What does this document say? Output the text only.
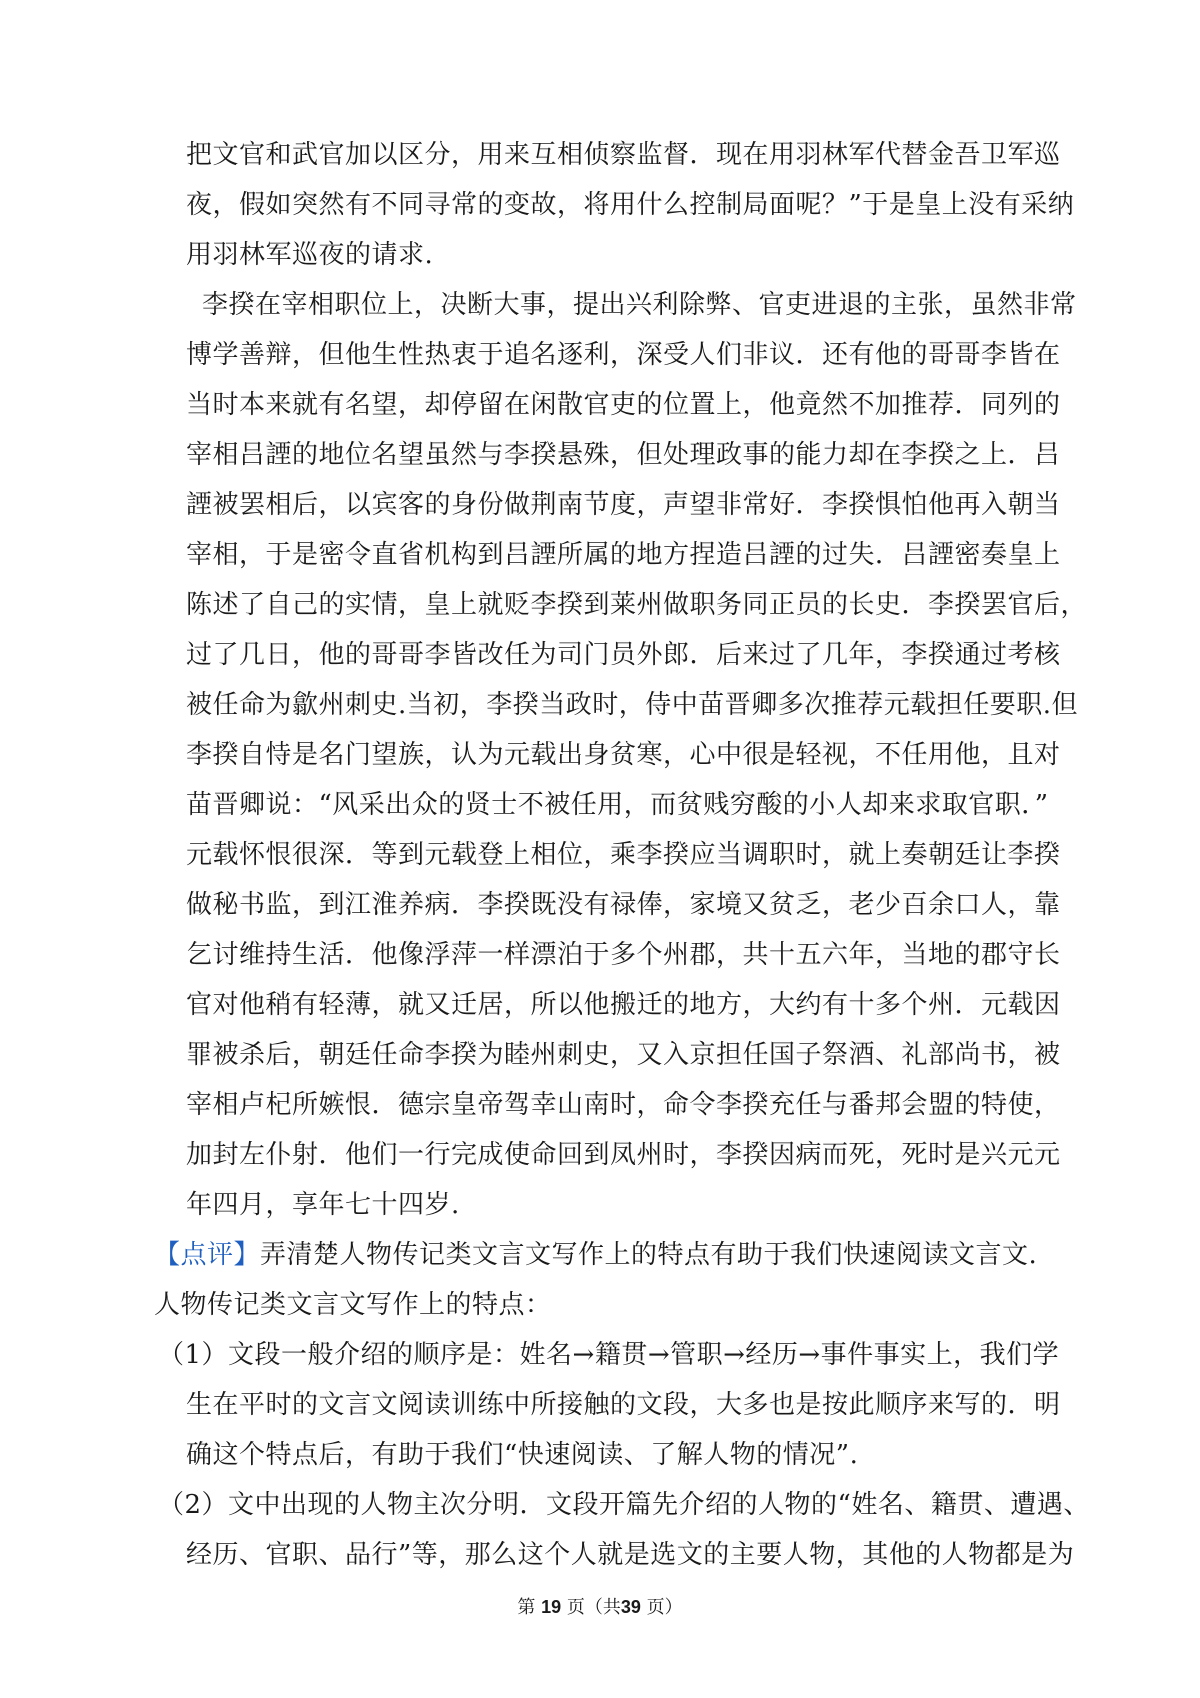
把文官和武官加以区分，用来互相侦察监督．现在用羽林军代替金吾卫军巡
夜，假如突然有不同寻常的变故，将用什么控制局面呢？”于是皇上没有采纳
用羽林军巡夜的请求.
李揆在宰相职位上，决断大事，提出兴利除弊、官吏进退的主张，虽然非常
博学善辩，但他生性热衷于追名逐利，深受人们非议．还有他的哥哥李皆在
当时本来就有名望，却停留在闲散官吏的位置上，他竟然不加推荐．同列的
宰相吕諲的地位名望虽然与李揆悬殊，但处理政事的能力却在李揆之上．吕
諲被罢相后，以宾客的身份做荆南节度，声望非常好．李揆惧怕他再入朝当
宰相，于是密令直省机构到吕諲所属的地方捏造吕諲的过失．吕諲密奏皇上
陈述了自己的实情，皇上就贬李揆到莱州做职务同正员的长史．李揆罢官后，
过了几日，他的哥哥李皆改任为司门员外郎．后来过了几年，李揆通过考核
被任命为歙州刺史.当初，李揆当政时，侍中苗晋卿多次推荐元载担任要职.但
李揆自恃是名门望族，认为元载出身贫寒，心中很是轻视，不任用他，且对
苗晋卿说：“风采出众的贤士不被任用，而贫贱穷酸的小人却来求取官职．”
元载怀恨很深．等到元载登上相位，乘李揆应当调职时，就上奏朝廷让李揆
做秘书监，到江淮养病．李揆既没有禄俸，家境又贫乏，老少百余口人，靠
乞讨维持生活．他像浮萍一样漂泊于多个州郡，共十五六年，当地的郡守长
官对他稍有轻薄，就又迁居，所以他搬迁的地方，大约有十多个州．元载因
罪被杀后，朝廷任命李揆为睦州刺史，又入京担任国子祭酒、礼部尚书，被
宰相卢杞所嫉恨．德宗皇帝驾幸山南时，命令李揆充任与番邦会盟的特使，
加封左仆射．他们一行完成使命回到凤州时，李揆因病而死，死时是兴元元
年四月，享年七十四岁.
【点评】弄清楚人物传记类文言文写作上的特点有助于我们快速阅读文言文.
人物传记类文言文写作上的特点：
（1）文段一般介绍的顺序是：姓名→籍贯→管职→经历→事件事实上，我们学
生在平时的文言文阅读训练中所接触的文段，大多也是按此顺序来写的．明
确这个特点后，有助于我们“快速阅读、了解人物的情况”.
（2）文中出现的人物主次分明．文段开篇先介绍的人物的“姓名、籍贯、遭遇、
经历、官职、品行”等，那么这个人就是选文的主要人物，其他的人物都是为
第 19 页（共39 页）
